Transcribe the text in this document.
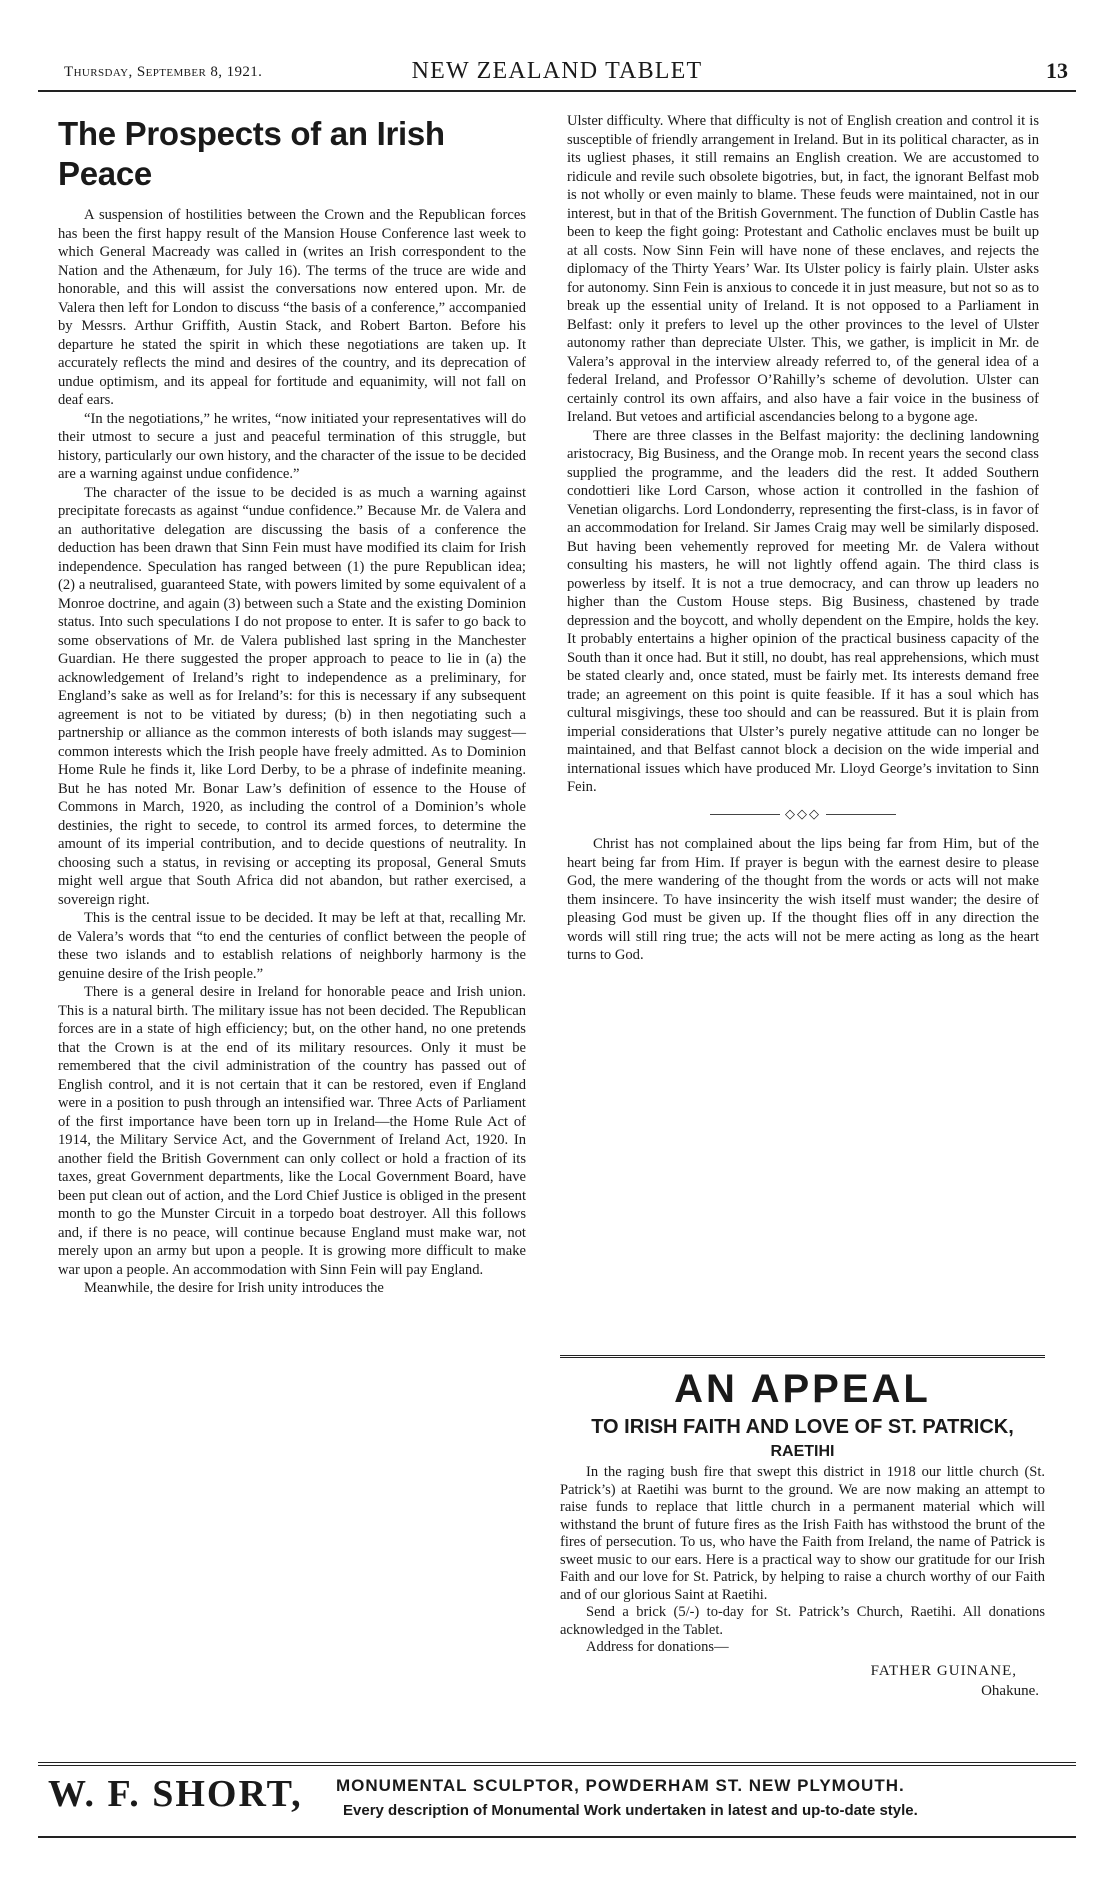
Thursday, September 8, 1921.	NEW ZEALAND TABLET	13
The Prospects of an Irish Peace

A suspension of hostilities between the Crown and the Republican forces has been the first happy result of the Mansion House Conference last week to which General Macready was called in (writes an Irish correspondent to the Nation and the Athenæum, for July 16). The terms of the truce are wide and honorable, and this will assist the conversations now entered upon. Mr. de Valera then left for London to discuss “the basis of a conference,” accompanied by Messrs. Arthur Griffith, Austin Stack, and Robert Barton. Before his departure he stated the spirit in which these negotiations are taken up. It accurately reflects the mind and desires of the country, and its deprecation of undue optimism, and its appeal for fortitude and equanimity, will not fall on deaf ears.

“In the negotiations,” he writes, “now initiated your representatives will do their utmost to secure a just and peaceful termination of this struggle, but history, particularly our own history, and the character of the issue to be decided are a warning against undue confidence.”

The character of the issue to be decided is as much a warning against precipitate forecasts as against “undue confidence.” Because Mr. de Valera and an authoritative delegation are discussing the basis of a conference the deduction has been drawn that Sinn Fein must have modified its claim for Irish independence. Speculation has ranged between (1) the pure Republican idea; (2) a neutralised, guaranteed State, with powers limited by some equivalent of a Monroe doctrine, and again (3) between such a State and the existing Dominion status. Into such speculations I do not propose to enter. It is safer to go back to some observations of Mr. de Valera published last spring in the Manchester Guardian. He there suggested the proper approach to peace to lie in (a) the acknowledgement of Ireland’s right to independence as a preliminary, for England’s sake as well as for Ireland’s: for this is necessary if any subsequent agreement is not to be vitiated by duress; (b) in then negotiating such a partnership or alliance as the common interests of both islands may suggest—common interests which the Irish people have freely admitted. As to Dominion Home Rule he finds it, like Lord Derby, to be a phrase of indefinite meaning. But he has noted Mr. Bonar Law’s definition of essence to the House of Commons in March, 1920, as including the control of a Dominion’s whole destinies, the right to secede, to control its armed forces, to determine the amount of its imperial contribution, and to decide questions of neutrality. In choosing such a status, in revising or accepting its proposal, General Smuts might well argue that South Africa did not abandon, but rather exercised, a sovereign right.

This is the central issue to be decided. It may be left at that, recalling Mr. de Valera’s words that “to end the centuries of conflict between the people of these two islands and to establish relations of neighborly harmony is the genuine desire of the Irish people.”

There is a general desire in Ireland for honorable peace and Irish union. This is a natural birth. The military issue has not been decided. The Republican forces are in a state of high efficiency; but, on the other hand, no one pretends that the Crown is at the end of its military resources. Only it must be remembered that the civil administration of the country has passed out of English control, and it is not certain that it can be restored, even if England were in a position to push through an intensified war. Three Acts of Parliament of the first importance have been torn up in Ireland—the Home Rule Act of 1914, the Military Service Act, and the Government of Ireland Act, 1920. In another field the British Government can only collect or hold a fraction of its taxes, great Government departments, like the Local Government Board, have been put clean out of action, and the Lord Chief Justice is obliged in the present month to go the Munster Circuit in a torpedo boat destroyer. All this follows and, if there is no peace, will continue because England must make war, not merely upon an army but upon a people. It is growing more difficult to make war upon a people. An accommodation with Sinn Fein will pay England.

Meanwhile, the desire for Irish unity introduces the

Ulster difficulty. Where that difficulty is not of English creation and control it is susceptible of friendly arrangement in Ireland. But in its political character, as in its ugliest phases, it still remains an English creation. We are accustomed to ridicule and revile such obsolete bigotries, but, in fact, the ignorant Belfast mob is not wholly or even mainly to blame. These feuds were maintained, not in our interest, but in that of the British Government. The function of Dublin Castle has been to keep the fight going: Protestant and Catholic enclaves must be built up at all costs. Now Sinn Fein will have none of these enclaves, and rejects the diplomacy of the Thirty Years’ War. Its Ulster policy is fairly plain. Ulster asks for autonomy. Sinn Fein is anxious to concede it in just measure, but not so as to break up the essential unity of Ireland. It is not opposed to a Parliament in Belfast: only it prefers to level up the other provinces to the level of Ulster autonomy rather than depreciate Ulster. This, we gather, is implicit in Mr. de Valera’s approval in the interview already referred to, of the general idea of a federal Ireland, and Professor O’Rahilly’s scheme of devolution. Ulster can certainly control its own affairs, and also have a fair voice in the business of Ireland. But vetoes and artificial ascendancies belong to a bygone age.

There are three classes in the Belfast majority: the declining landowning aristocracy, Big Business, and the Orange mob. In recent years the second class supplied the programme, and the leaders did the rest. It added Southern condottieri like Lord Carson, whose action it controlled in the fashion of Venetian oligarchs. Lord Londonderry, representing the first-class, is in favor of an accommodation for Ireland. Sir James Craig may well be similarly disposed. But having been vehemently reproved for meeting Mr. de Valera without consulting his masters, he will not lightly offend again. The third class is powerless by itself. It is not a true democracy, and can throw up leaders no higher than the Custom House steps. Big Business, chastened by trade depression and the boycott, and wholly dependent on the Empire, holds the key. It probably entertains a higher opinion of the practical business capacity of the South than it once had. But it still, no doubt, has real apprehensions, which must be stated clearly and, once stated, must be fairly met. Its interests demand free trade; an agreement on this point is quite feasible. If it has a soul which has cultural misgivings, these too should and can be reassured. But it is plain from imperial considerations that Ulster’s purely negative attitude can no longer be maintained, and that Belfast cannot block a decision on the wide imperial and international issues which have produced Mr. Lloyd George’s invitation to Sinn Fein.

◇◇◇

Christ has not complained about the lips being far from Him, but of the heart being far from Him. If prayer is begun with the earnest desire to please God, the mere wandering of the thought from the words or acts will not make them insincere. To have insincerity the wish itself must wander; the desire of pleasing God must be given up. If the thought flies off in any direction the words will still ring true; the acts will not be mere acting as long as the heart turns to God.

AN APPEAL
TO IRISH FAITH AND LOVE OF ST. PATRICK,
RAETIHI

In the raging bush fire that swept this district in 1918 our little church (St. Patrick’s) at Raetihi was burnt to the ground. We are now making an attempt to raise funds to replace that little church in a permanent material which will withstand the brunt of future fires as the Irish Faith has withstood the brunt of the fires of persecution. To us, who have the Faith from Ireland, the name of Patrick is sweet music to our ears. Here is a practical way to show our gratitude for our Irish Faith and our love for St. Patrick, by helping to raise a church worthy of our Faith and of our glorious Saint at Raetihi.

Send a brick (5/-) to-day for St. Patrick’s Church, Raetihi. All donations acknowledged in the Tablet.

Address for donations—

FATHER GUINANE,
Ohakune.
W. F. SHORT, MONUMENTAL SCULPTOR, POWDERHAM ST. NEW PLYMOUTH.
Every description of Monumental Work undertaken in latest and up-to-date style.
